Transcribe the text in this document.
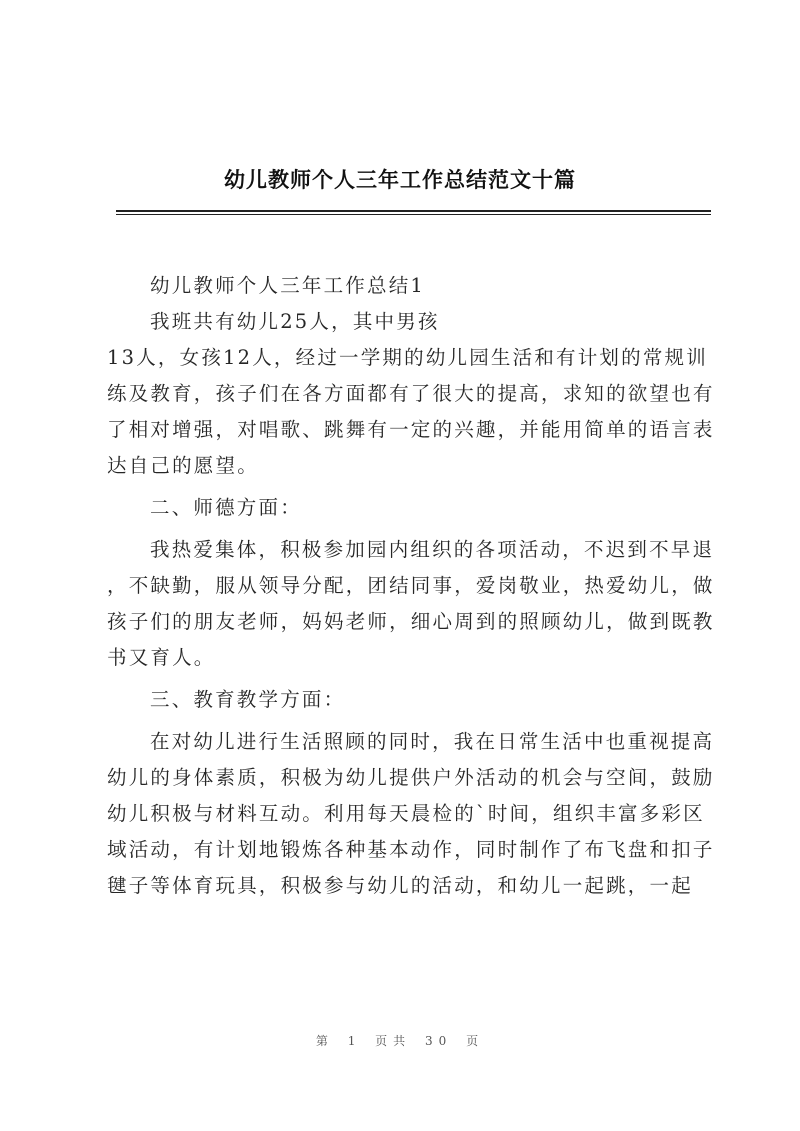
幼儿教师个人三年工作总结范文十篇

幼儿教师个人三年工作总结1

我班共有幼儿25人，其中男孩
13人，女孩12人，经过一学期的幼儿园生活和有计划的常规训
练及教育，孩子们在各方面都有了很大的提高，求知的欲望也有
了相对增强，对唱歌、跳舞有一定的兴趣，并能用简单的语言表
达自己的愿望。

二、师德方面：

我热爱集体，积极参加园内组织的各项活动，不迟到不早退
，不缺勤，服从领导分配，团结同事，爱岗敬业，热爱幼儿，做
孩子们的朋友老师，妈妈老师，细心周到的照顾幼儿，做到既教
书又育人。

三、教育教学方面：

在对幼儿进行生活照顾的同时，我在日常生活中也重视提高
幼儿的身体素质，积极为幼儿提供户外活动的机会与空间，鼓励
幼儿积极与材料互动。利用每天晨检的`时间，组织丰富多彩区
域活动，有计划地锻炼各种基本动作，同时制作了布飞盘和扣子
毽子等体育玩具，积极参与幼儿的活动，和幼儿一起跳，一起
第 1 页共 30 页
